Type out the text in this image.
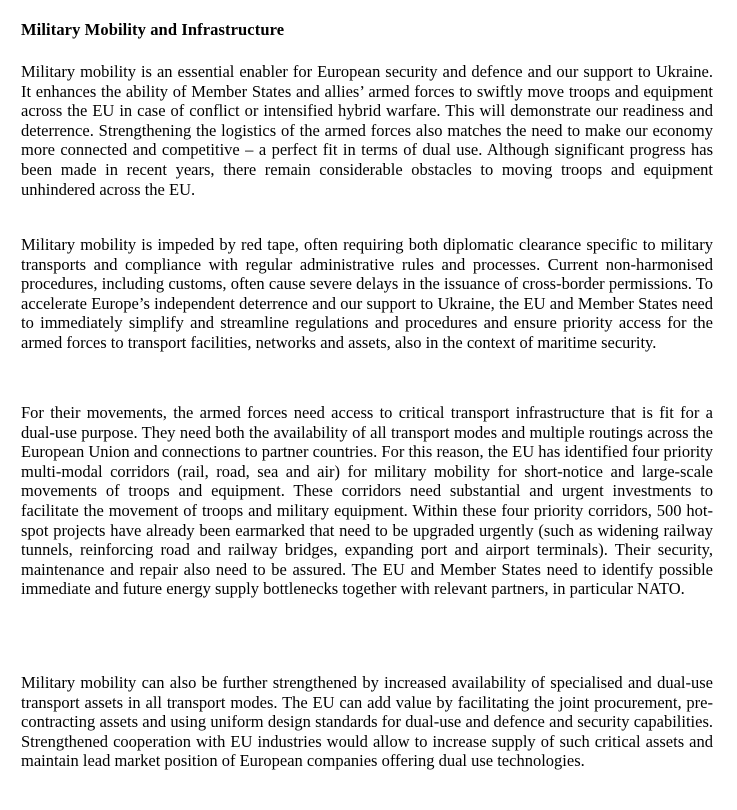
Military Mobility and Infrastructure

Military mobility is an essential enabler for European security and defence and our support to Ukraine. It enhances the ability of Member States and allies’ armed forces to swiftly move troops and equipment across the EU in case of conflict or intensified hybrid warfare. This will demonstrate our readiness and deterrence. Strengthening the logistics of the armed forces also matches the need to make our economy more connected and competitive – a perfect fit in terms of dual use. Although significant progress has been made in recent years, there remain considerable obstacles to moving troops and equipment unhindered across the EU.

Military mobility is impeded by red tape, often requiring both diplomatic clearance specific to military transports and compliance with regular administrative rules and processes. Current non-harmonised procedures, including customs, often cause severe delays in the issuance of cross-border permissions. To accelerate Europe’s independent deterrence and our support to Ukraine, the EU and Member States need to immediately simplify and streamline regulations and procedures and ensure priority access for the armed forces to transport facilities, networks and assets, also in the context of maritime security.

For their movements, the armed forces need access to critical transport infrastructure that is fit for a dual-use purpose. They need both the availability of all transport modes and multiple routings across the European Union and connections to partner countries. For this reason, the EU has identified four priority multi-modal corridors (rail, road, sea and air) for military mobility for short-notice and large-scale movements of troops and equipment. These corridors need substantial and urgent investments to facilitate the movement of troops and military equipment. Within these four priority corridors, 500 hot-spot projects have already been earmarked that need to be upgraded urgently (such as widening railway tunnels, reinforcing road and railway bridges, expanding port and airport terminals). Their security, maintenance and repair also need to be assured. The EU and Member States need to identify possible immediate and future energy supply bottlenecks together with relevant partners, in particular NATO.

Military mobility can also be further strengthened by increased availability of specialised and dual-use transport assets in all transport modes. The EU can add value by facilitating the joint procurement, pre-contracting assets and using uniform design standards for dual-use and defence and security capabilities. Strengthened cooperation with EU industries would allow to increase supply of such critical assets and maintain lead market position of European companies offering dual use technologies.
